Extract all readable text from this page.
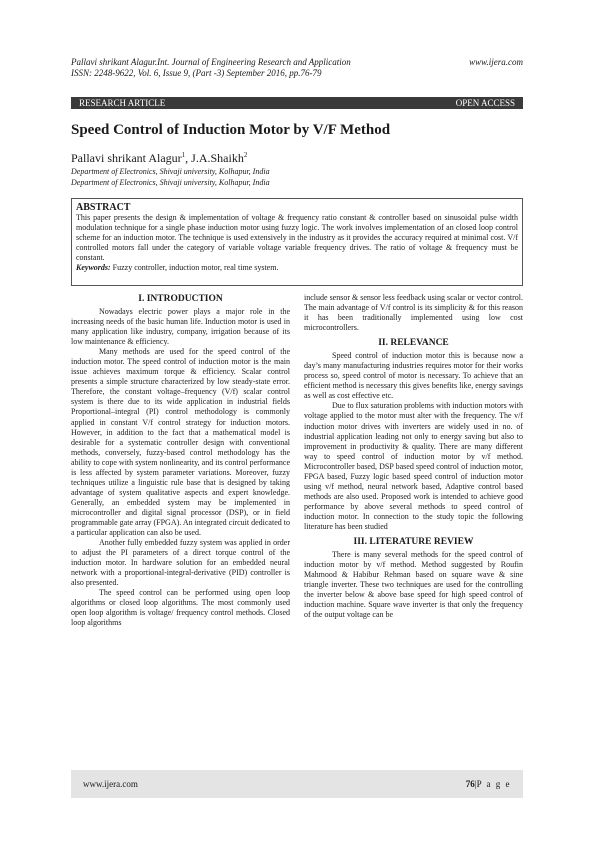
Pallavi shrikant Alagur.Int. Journal of Engineering Research and Application	www.ijera.com
ISSN: 2248-9622, Vol. 6, Issue 9, (Part -3) September 2016, pp.76-79
RESEARCH ARTICLE	OPEN ACCESS
Speed Control of Induction Motor by V/F Method
Pallavi shrikant Alagur$^1$, J.A.Shaikh$^2$
Department of Electronics, Shivaji university, Kolhapur, India
Department of Electronics, Shivaji university, Kolhapur, India
ABSTRACT
This paper presents the design & implementation of voltage & frequency ratio constant & controller based on sinusoidal pulse width modulation technique for a single phase induction motor using fuzzy logic. The work involves implementation of an closed loop control scheme for an induction motor. The technique is used extensively in the industry as it provides the accuracy required at minimal cost. V/f controlled motors fall under the category of variable voltage variable frequency drives. The ratio of voltage & frequency must be constant.
Keywords: Fuzzy controller, induction motor, real time system.
I. INTRODUCTION

Nowadays electric power plays a major role in the increasing needs of the basic human life. Induction motor is used in many application like industry, company, irrigation because of its low maintenance & efficiency.

Many methods are used for the speed control of the induction motor. The speed control of induction motor is the main issue achieves maximum torque & efficiency. Scalar control presents a simple structure characterized by low steady-state error. Therefore, the constant voltage–frequency (V/f) scalar control system is there due to its wide application in industrial fields Proportional–integral (PI) control methodology is commonly applied in constant V/f control strategy for induction motors. However, in addition to the fact that a mathematical model is desirable for a systematic controller design with conventional methods, conversely, fuzzy-based control methodology has the ability to cope with system nonlinearity, and its control performance is less affected by system parameter variations. Moreover, fuzzy techniques utilize a linguistic rule base that is designed by taking advantage of system qualitative aspects and expert knowledge. Generally, an embedded system may be implemented in microcontroller and digital signal processor (DSP), or in field programmable gate array (FPGA). An integrated circuit dedicated to a particular application can also be used.

Another fully embedded fuzzy system was applied in order to adjust the PI parameters of a direct torque control of the induction motor. In hardware solution for an embedded neural network with a proportional-integral-derivative (PID) controller is also presented.

The speed control can be performed using open loop algorithms or closed loop algorithms. The most commonly used open loop algorithm is voltage/ frequency control methods. Closed loop algorithms

include sensor & sensor less feedback using scalar or vector control. The main advantage of V/f control is its simplicity & for this reason it has been traditionally implemented using low cost microcontrollers.

II. RELEVANCE

Speed control of induction motor this is because now a day’s many manufacturing industries requires motor for their works process so, speed control of motor is necessary. To achieve that an efficient method is necessary this gives benefits like, energy savings as well as cost effective etc.

Due to flux saturation problems with induction motors with voltage applied to the motor must alter with the frequency. The v/f induction motor drives with inverters are widely used in no. of industrial application leading not only to energy saving but also to improvement in productivity & quality. There are many different way to speed control of induction motor by v/f method. Microcontroller based, DSP based speed control of induction motor, FPGA based, Fuzzy logic based speed control of induction motor using v/f method, neural network based, Adaptive control based methods are also used. Proposed work is intended to achieve good performance by above several methods to speed control of induction motor. In connection to the study topic the following literature has been studied

III. LITERATURE REVIEW

There is many several methods for the speed control of induction motor by v/f method. Method suggested by Roufin Mahmood & Habibur Rehman based on square wave & sine triangle inverter. These two techniques are used for the controlling the inverter below & above base speed for high speed control of induction machine. Square wave inverter is that only the frequency of the output voltage can be

www.ijera.com	76|P a g e
